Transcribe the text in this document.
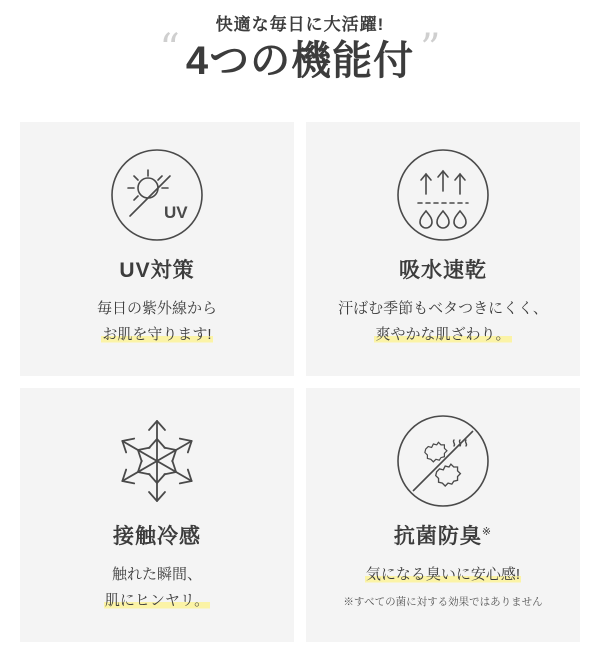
快適な毎日に大活躍!
“ 4つの機能付 ”
UV
UV対策
毎日の紫外線から
お肌を守ります!
吸水速乾
汗ばむ季節もベタつきにくく、
爽やかな肌ざわり。
接触冷感
触れた瞬間、
肌にヒンヤリ。
抗菌防臭※
気になる臭いに安心感!
※すべての菌に対する効果ではありません
